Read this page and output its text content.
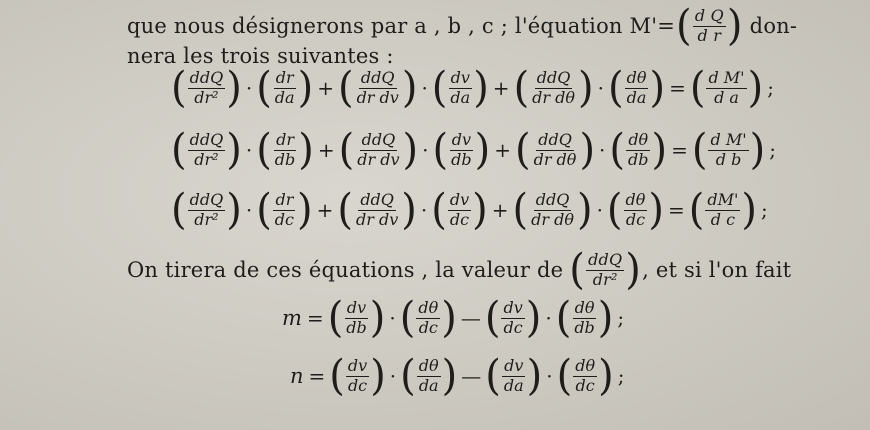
que nous désignerons par a , b , c ; l'équation M'= ( $\frac{\text{d Q}}{\text{d r}}$ ) don-
nera les trois suivantes :
( $\frac{\text{ddQ}}{\text{dr²}}$ ) · ( $\frac{dr}{da}$ ) + ( $\frac{\text{ddQ}}{\text{dr dv}}$ ) · ( $\frac{dv}{da}$ ) + ( $\frac{\text{ddQ}}{\text{dr dθ}}$ ) · ( $\frac{d\theta}{da}$ ) = ( $\frac{\text{d M'}}{\text{d a}}$ ) ;
( $\frac{\text{ddQ}}{\text{dr²}}$ ) · ( $\frac{dr}{db}$ ) + ( $\frac{\text{ddQ}}{\text{dr dv}}$ ) · ( $\frac{dv}{db}$ ) + ( $\frac{\text{ddQ}}{\text{dr dθ}}$ ) · ( $\frac{d\theta}{db}$ ) = ( $\frac{\text{d M'}}{\text{d b}}$ ) ;
( $\frac{\text{ddQ}}{\text{dr²}}$ ) · ( $\frac{dr}{dc}$ ) + ( $\frac{\text{ddQ}}{\text{dr dv}}$ ) · ( $\frac{dv}{dc}$ ) + ( $\frac{\text{ddQ}}{\text{dr dθ}}$ ) · ( $\frac{d\theta}{dc}$ ) = ( $\frac{dM'}{\text{d c}}$ ) ;
On tirera de ces équations , la valeur de ( $\frac{\text{ddQ}}{\text{dr²}}$ ) , et si l'on fait
m = ( $\frac{dv}{db}$ ) · ( $\frac{d\theta}{dc}$ ) — ( $\frac{dv}{dc}$ ) · ( $\frac{d\theta}{db}$ ) ;
n = ( $\frac{dv}{dc}$ ) · ( $\frac{d\theta}{da}$ ) — ( $\frac{dv}{da}$ ) · ( $\frac{d\theta}{dc}$ ) ;
